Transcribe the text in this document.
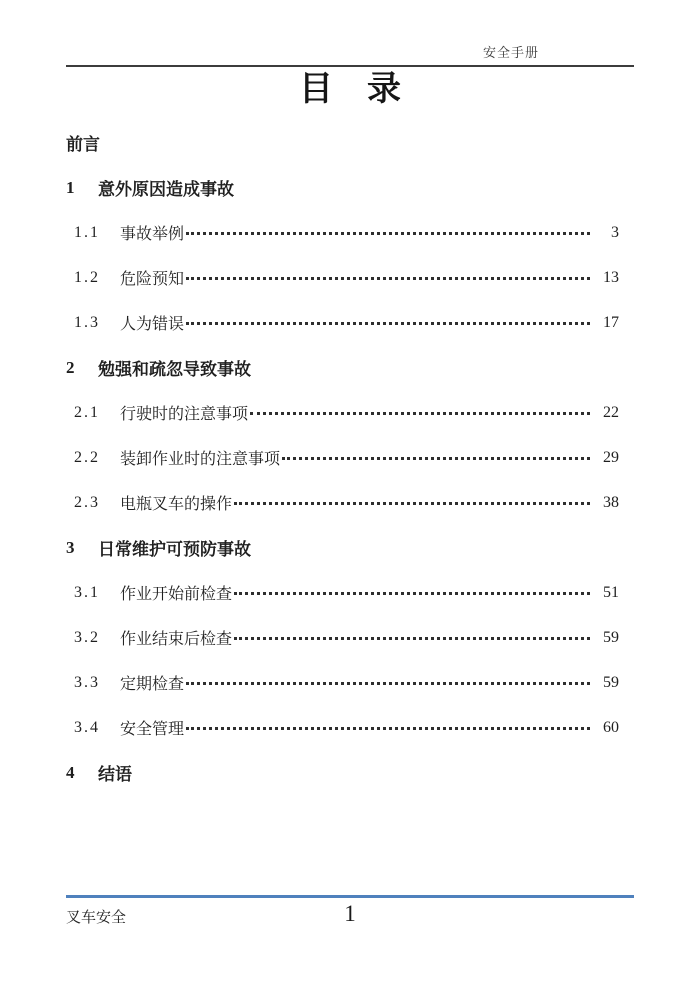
安全手册
目　录
前言
1	意外原因造成事故
1.1	事故举例	3
1.2	危险预知	13
1.3	人为错误	17
2	勉强和疏忽导致事故
2.1	行驶时的注意事项	22
2.2	装卸作业时的注意事项	29
2.3	电瓶叉车的操作	38
3	日常维护可预防事故
3.1	作业开始前检查	51
3.2	作业结束后检查	59
3.3	定期检查	59
3.4	安全管理	60
4	结语
叉车安全	1
